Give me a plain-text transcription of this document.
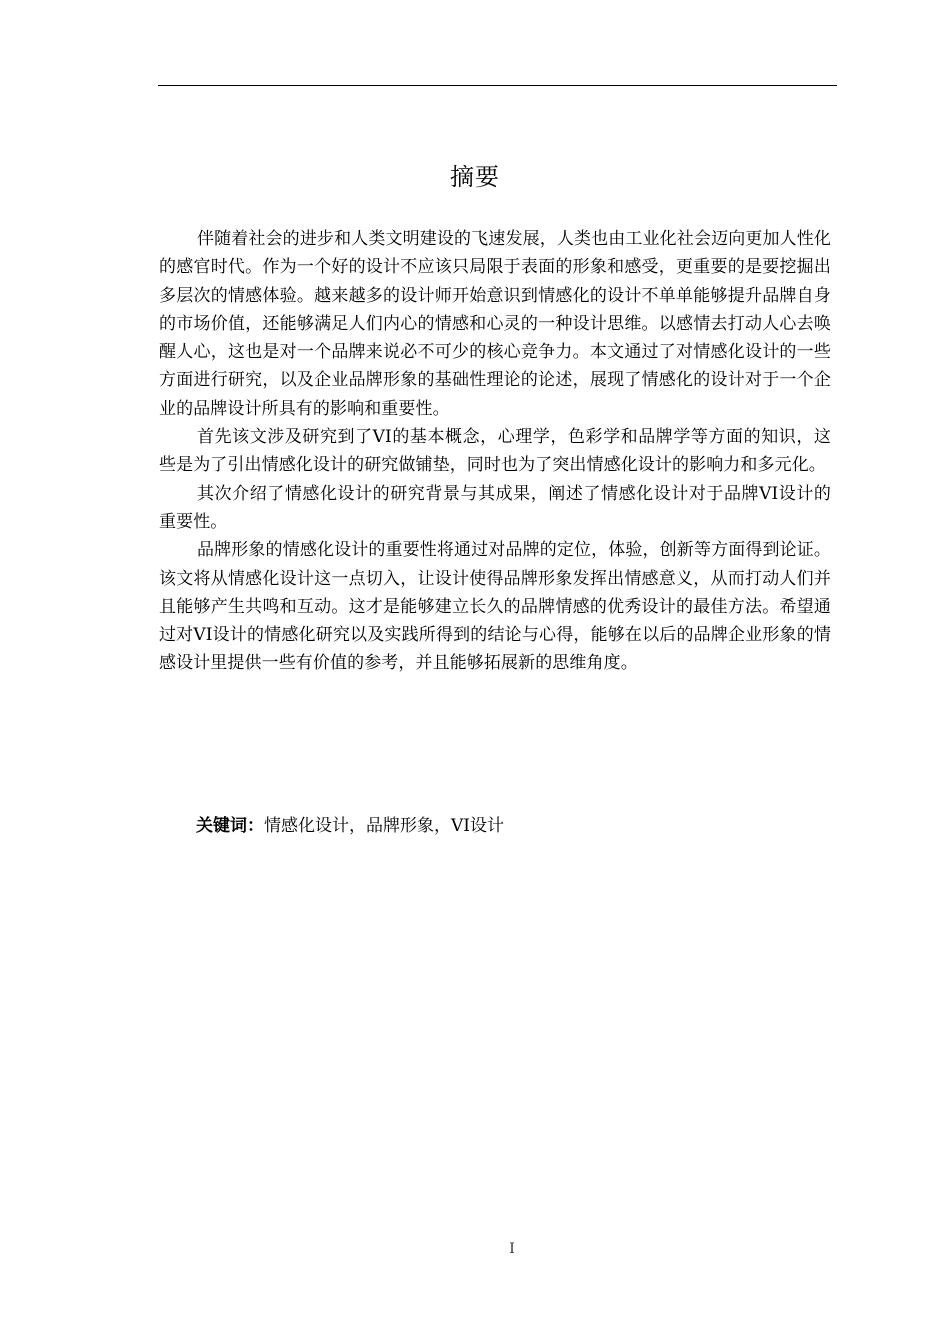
摘要

伴随着社会的进步和人类文明建设的飞速发展，人类也由工业化社会迈向更加人性化的感官时代。作为一个好的设计不应该只局限于表面的形象和感受，更重要的是要挖掘出多层次的情感体验。越来越多的设计师开始意识到情感化的设计不单单能够提升品牌自身的市场价值，还能够满足人们内心的情感和心灵的一种设计思维。以感情去打动人心去唤醒人心，这也是对一个品牌来说必不可少的核心竞争力。本文通过了对情感化设计的一些方面进行研究，以及企业品牌形象的基础性理论的论述，展现了情感化的设计对于一个企业的品牌设计所具有的影响和重要性。

首先该文涉及研究到了VI的基本概念，心理学，色彩学和品牌学等方面的知识，这些是为了引出情感化设计的研究做铺垫，同时也为了突出情感化设计的影响力和多元化。

其次介绍了情感化设计的研究背景与其成果，阐述了情感化设计对于品牌VI设计的重要性。

品牌形象的情感化设计的重要性将通过对品牌的定位，体验，创新等方面得到论证。该文将从情感化设计这一点切入，让设计使得品牌形象发挥出情感意义，从而打动人们并且能够产生共鸣和互动。这才是能够建立长久的品牌情感的优秀设计的最佳方法。希望通过对VI设计的情感化研究以及实践所得到的结论与心得，能够在以后的品牌企业形象的情感设计里提供一些有价值的参考，并且能够拓展新的思维角度。

关键词：情感化设计，品牌形象，VI设计
I
